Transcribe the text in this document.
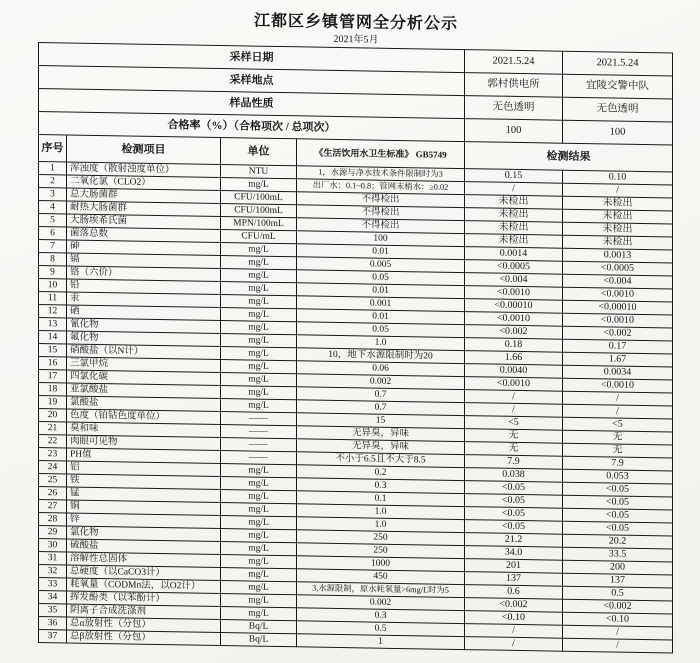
江都区乡镇管网全分析公示
2021年5月
采样日期				2021.5.24	2021.5.24
采样地点				郭村供电所	宜陵交警中队
样品性质				无色透明	无色透明
合格率（%）（合格项次 / 总项次）				100	100
序号	检测项目	单位	《生活饮用水卫生标准》 GB5749	检测结果	
1	浑浊度（散射浊度单位）	NTU	1，水源与净水技术条件限制时为3	0.15	0.10
2	二氧化氯（CLO2）	mg/L	出厂水：0.1~0.8；管网末梢水：≥0.02	/	/
3	总大肠菌群	CFU/100mL	不得检出	未检出	未检出
4	耐热大肠菌群	CFU/100mL	不得检出	未检出	未检出
5	大肠埃希氏菌	MPN/100mL	不得检出	未检出	未检出
6	菌落总数	CFU/mL	100	未检出	未检出
7	砷	mg/L	0.01	0.0014	0.0013
8	镉	mg/L	0.005	<0.0005	<0.0005
9	铬（六价）	mg/L	0.05	<0.004	<0.004
10	铅	mg/L	0.01	<0.0010	<0.0010
11	汞	mg/L	0.001	<0.00010	<0.00010
12	硒	mg/L	0.01	<0.0010	<0.0010
13	氰化物	mg/L	0.05	<0.002	<0.002
14	氟化物	mg/L	1.0	0.18	0.17
15	硝酸盐（以N计）	mg/L	10，地下水源限制时为20	1.66	1.67
16	三氯甲烷	mg/L	0.06	0.0040	0.0034
17	四氯化碳	mg/L	0.002	<0.0010	<0.0010
18	亚氯酸盐	mg/L	0.7	/	/
19	氯酸盐	mg/L	0.7	/	/
20	色度（铂钴色度单位）	——	15	<5	<5
21	臭和味	——	无异臭，异味	无	无
22	肉眼可见物	——	无异臭，异味	无	无
23	PH值	——	不小于6.5且不大于8.5	7.9	7.9
24	铝	mg/L	0.2	0.038	0.053
25	铁	mg/L	0.3	<0.05	<0.05
26	锰	mg/L	0.1	<0.05	<0.05
27	铜	mg/L	1.0	<0.05	<0.05
28	锌	mg/L	1.0	<0.05	<0.05
29	氯化物	mg/L	250	21.2	20.2
30	硫酸盐	mg/L	250	34.0	33.5
31	溶解性总固体	mg/L	1000	201	200
32	总硬度（以CaCO3计）	mg/L	450	137	137
33	耗氧量（CODMn法，以O2计）	mg/L	3,水源限制，原水耗氧量>6mg/L时为5	0.6	0.5
34	挥发酚类（以苯酚计）	mg/L	0.002	<0.002	<0.002
35	阴离子合成洗涤剂	mg/L	0.3	<0.10	<0.10
36	总α放射性（分包）	Bq/L	0.5	/	/
37	总β放射性（分包）	Bq/L	1	/	/
